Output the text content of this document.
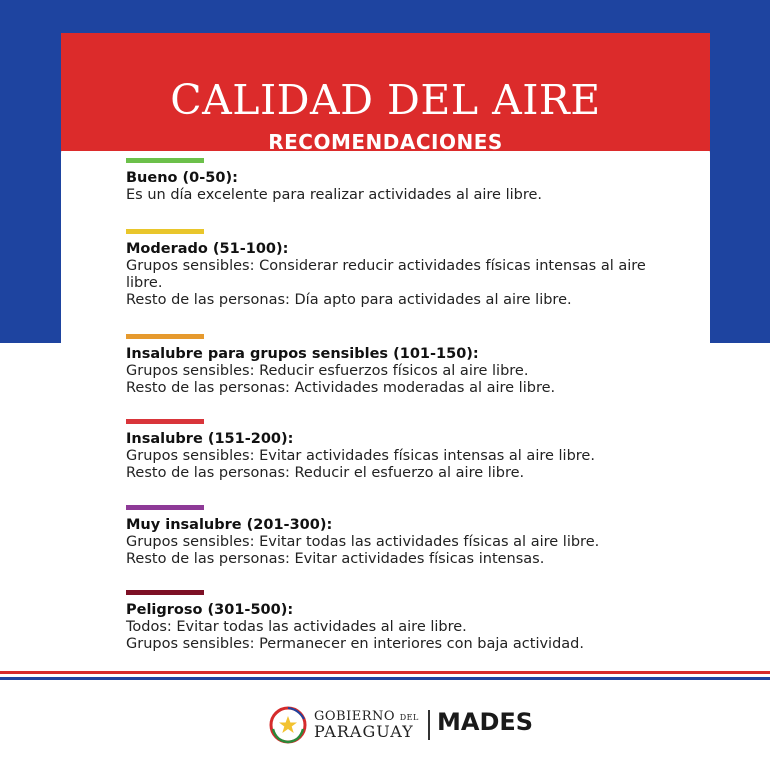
CALIDAD DEL AIRE
RECOMENDACIONES
Bueno (0-50):
Es un día excelente para realizar actividades al aire libre.
Moderado (51-100):
Grupos sensibles: Considerar reducir actividades físicas intensas al aire libre.
Resto de las personas: Día apto para actividades al aire libre.
Insalubre para grupos sensibles (101-150):
Grupos sensibles: Reducir esfuerzos físicos al aire libre.
Resto de las personas: Actividades moderadas al aire libre.
Insalubre (151-200):
Grupos sensibles: Evitar actividades físicas intensas al aire libre.
Resto de las personas: Reducir el esfuerzo al aire libre.
Muy insalubre (201-300):
Grupos sensibles: Evitar todas las actividades físicas al aire libre.
Resto de las personas: Evitar actividades físicas intensas.
Peligroso (301-500):
Todos: Evitar todas las actividades al aire libre.
Grupos sensibles: Permanecer en interiores con baja actividad.
GOBIERNO DEL
PARAGUAY MADES
